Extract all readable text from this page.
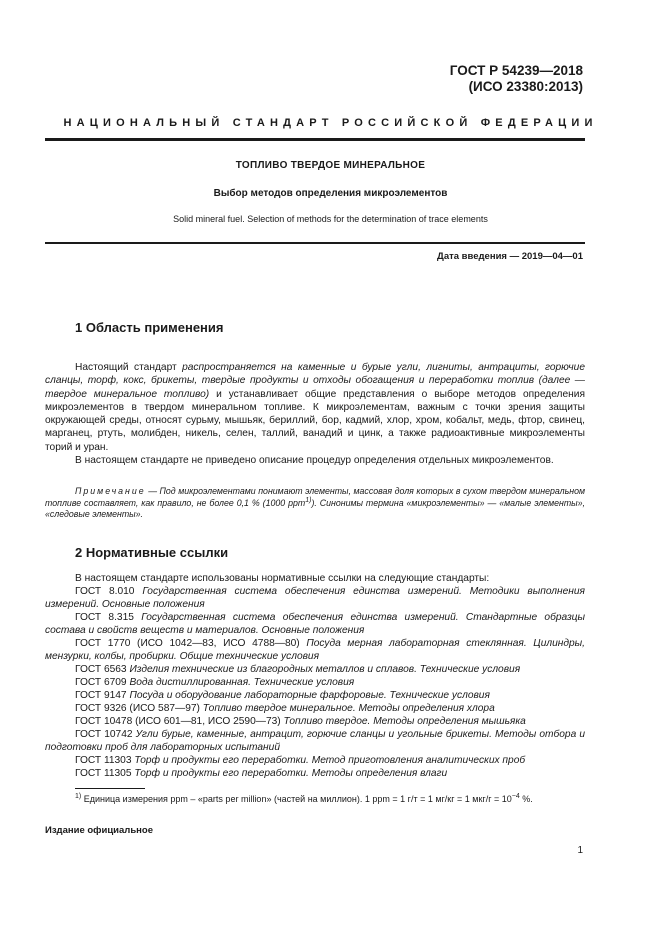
ГОСТ Р 54239—2018
(ИСО 23380:2013)
НАЦИОНАЛЬНЫЙ СТАНДАРТ РОССИЙСКОЙ ФЕДЕРАЦИИ
ТОПЛИВО ТВЕРДОЕ МИНЕРАЛЬНОЕ
Выбор методов определения микроэлементов
Solid mineral fuel. Selection of methods for the determination of trace elements
Дата введения — 2019—04—01
1 Область применения

Настоящий стандарт распространяется на каменные и бурые угли, лигниты, антрациты, горючие сланцы, торф, кокс, брикеты, твердые продукты и отходы обогащения и переработки топлив (далее — твердое минеральное топливо) и устанавливает общие представления о выборе методов определения микроэлементов в твердом минеральном топливе. К микроэлементам, важным с точки зрения защиты окружающей среды, относят сурьму, мышьяк, бериллий, бор, кадмий, хлор, хром, кобальт, медь, фтор, свинец, марганец, ртуть, молибден, никель, селен, таллий, ванадий и цинк, а также радиоактивные микроэлементы торий и уран.

В настоящем стандарте не приведено описание процедур определения отдельных микроэлементов.

Примечание — Под микроэлементами понимают элементы, массовая доля которых в сухом твердом минеральном топливе составляет, как правило, не более 0,1 % (1000 ppm$^{1)}$). Синонимы термина «микроэлементы» — «малые элементы», «следовые элементы».
2 Нормативные ссылки

В настоящем стандарте использованы нормативные ссылки на следующие стандарты:

ГОСТ 8.010 Государственная система обеспечения единства измерений. Методики выполнения измерений. Основные положения

ГОСТ 8.315 Государственная система обеспечения единства измерений. Стандартные образцы состава и свойств веществ и материалов. Основные положения

ГОСТ 1770 (ИСО 1042—83, ИСО 4788—80) Посуда мерная лабораторная стеклянная. Цилиндры, мензурки, колбы, пробирки. Общие технические условия

ГОСТ 6563 Изделия технические из благородных металлов и сплавов. Технические условия

ГОСТ 6709 Вода дистиллированная. Технические условия

ГОСТ 9147 Посуда и оборудование лабораторные фарфоровые. Технические условия

ГОСТ 9326 (ИСО 587—97) Топливо твердое минеральное. Методы определения хлора

ГОСТ 10478 (ИСО 601—81, ИСО 2590—73) Топливо твердое. Методы определения мышьяка

ГОСТ 10742 Угли бурые, каменные, антрацит, горючие сланцы и угольные брикеты. Методы отбора и подготовки проб для лабораторных испытаний

ГОСТ 11303 Торф и продукты его переработки. Метод приготовления аналитических проб

ГОСТ 11305 Торф и продукты его переработки. Методы определения влаги

$^{1)}$ Единица измерения ppm – «parts per million» (частей на миллион). 1 ppm = 1 г/т = 1 мг/кг = 1 $мкг/г = 10^{-4}$ %.
Издание официальное
1
